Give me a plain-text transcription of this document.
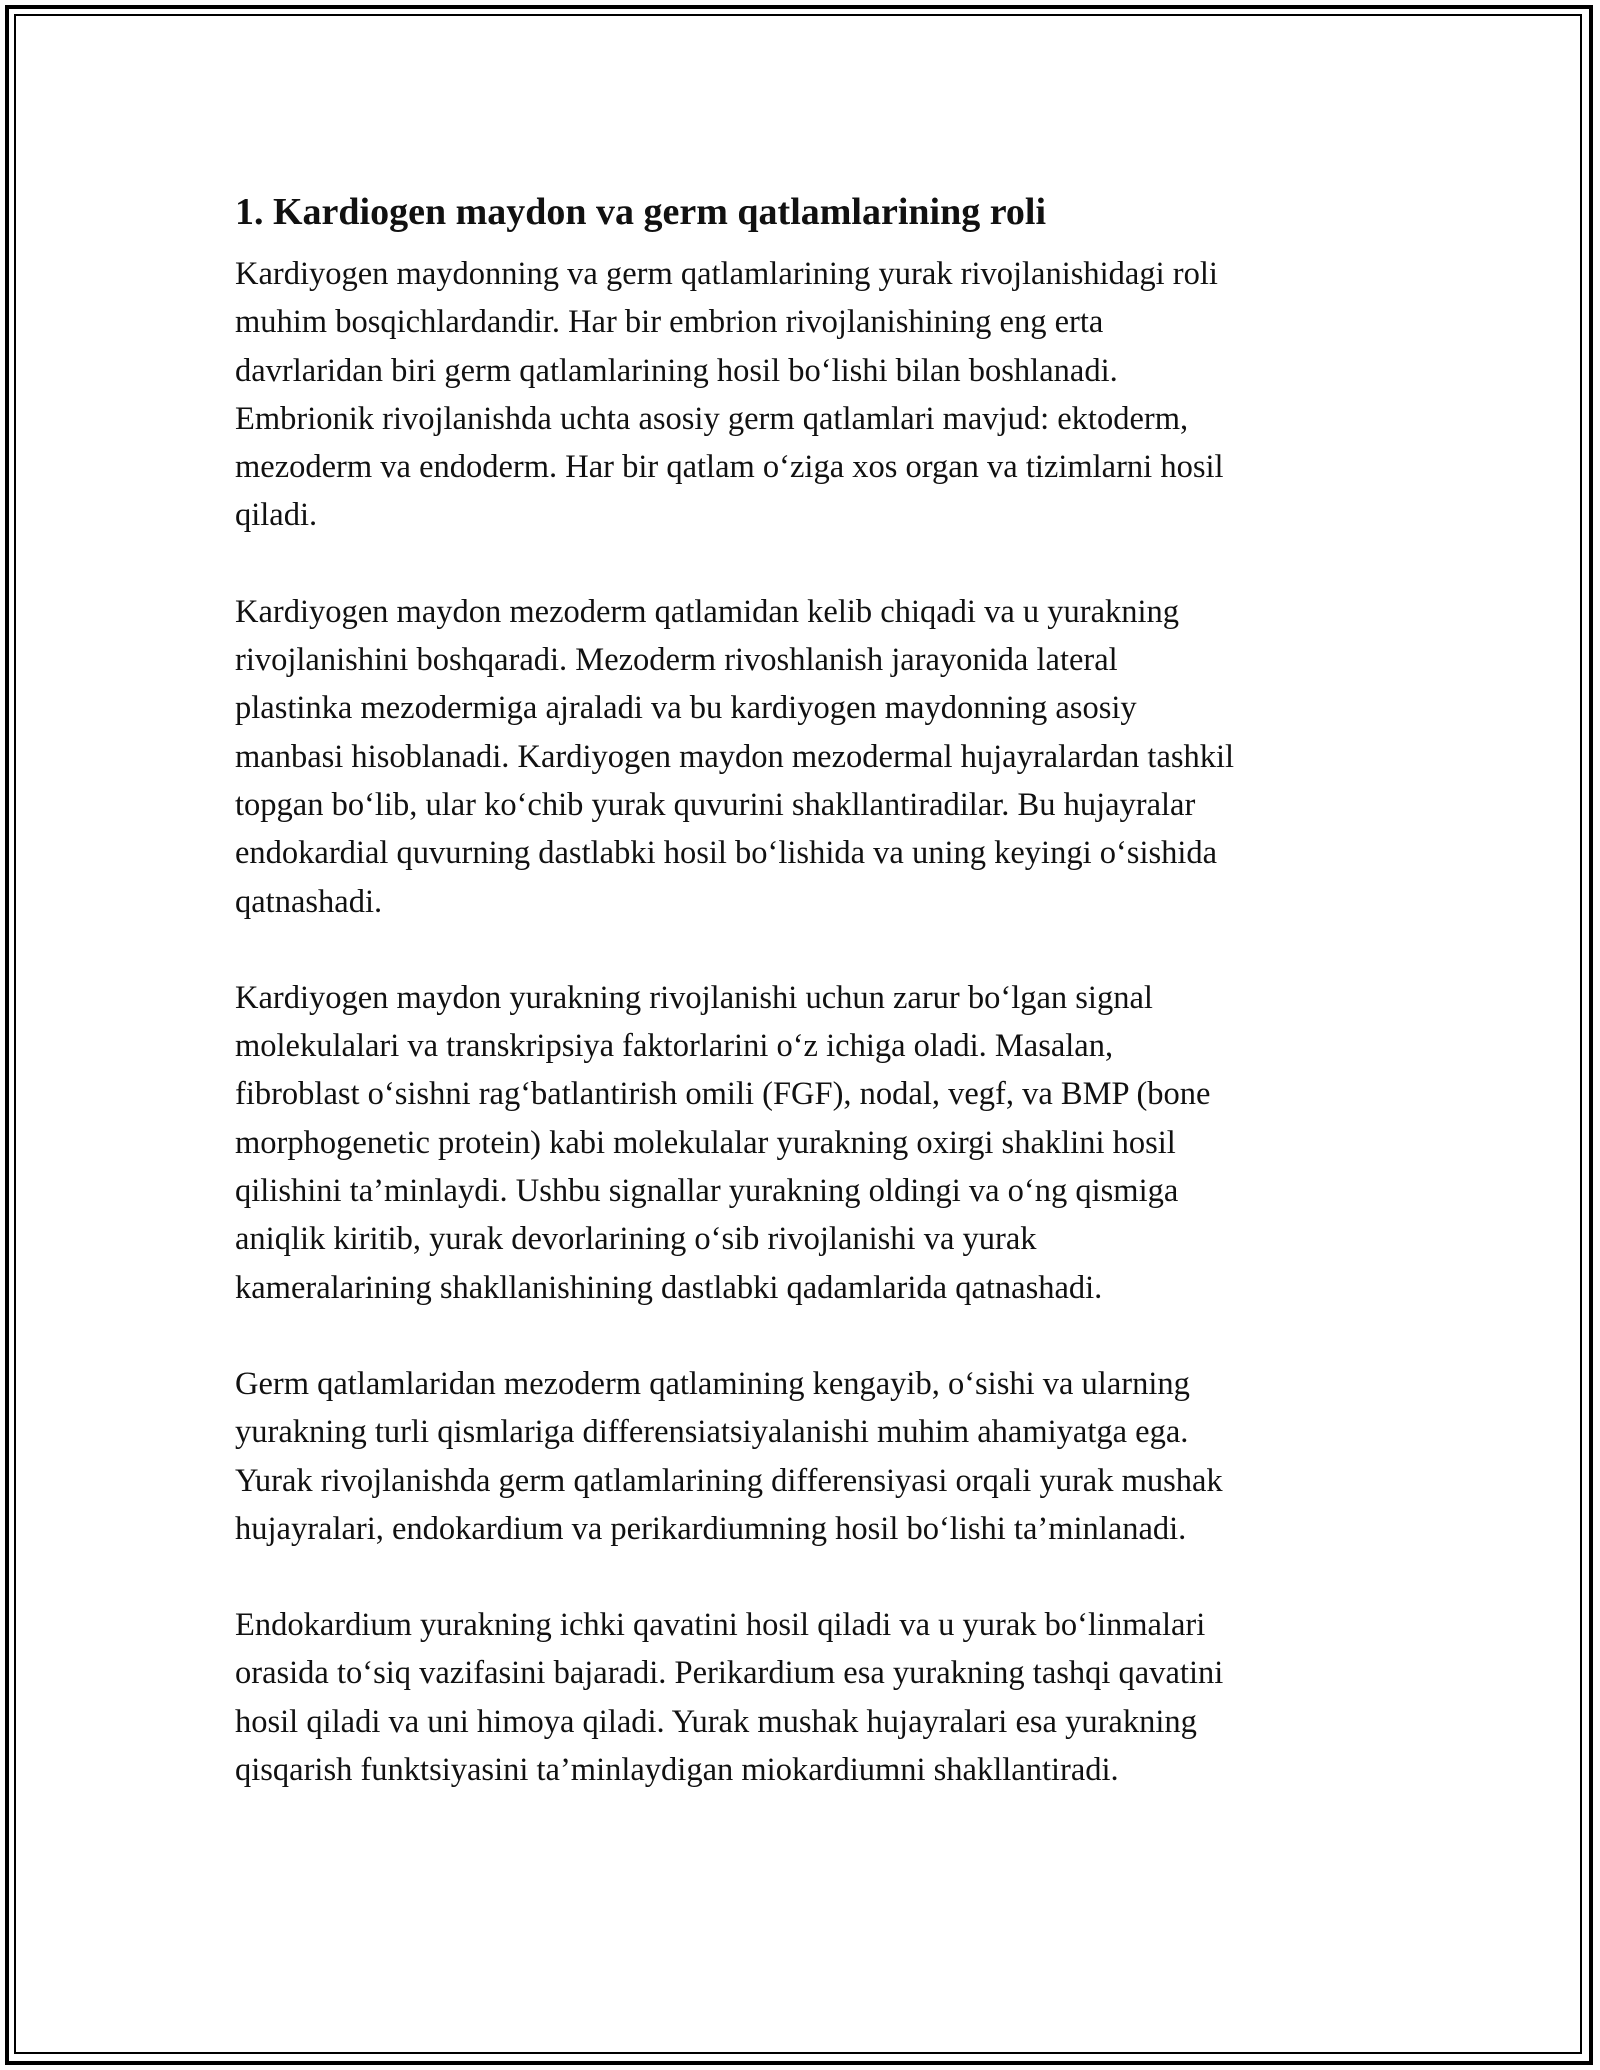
1. Kardiogen maydon va germ qatlamlarining roli
Kardiyogen maydonning va germ qatlamlarining yurak rivojlanishidagi roli
muhim bosqichlardandir. Har bir embrion rivojlanishining eng erta
davrlaridan biri germ qatlamlarining hosil bo‘lishi bilan boshlanadi.
Embrionik rivojlanishda uchta asosiy germ qatlamlari mavjud: ektoderm,
mezoderm va endoderm. Har bir qatlam o‘ziga xos organ va tizimlarni hosil
qiladi.
Kardiyogen maydon mezoderm qatlamidan kelib chiqadi va u yurakning
rivojlanishini boshqaradi. Mezoderm rivoshlanish jarayonida lateral
plastinka mezodermiga ajraladi va bu kardiyogen maydonning asosiy
manbasi hisoblanadi. Kardiyogen maydon mezodermal hujayralardan tashkil
topgan bo‘lib, ular ko‘chib yurak quvurini shakllantiradilar. Bu hujayralar
endokardial quvurning dastlabki hosil bo‘lishida va uning keyingi o‘sishida
qatnashadi.
Kardiyogen maydon yurakning rivojlanishi uchun zarur bo‘lgan signal
molekulalari va transkripsiya faktorlarini o‘z ichiga oladi. Masalan,
fibroblast o‘sishni rag‘batlantirish omili (FGF), nodal, vegf, va BMP (bone
morphogenetic protein) kabi molekulalar yurakning oxirgi shaklini hosil
qilishini ta’minlaydi. Ushbu signallar yurakning oldingi va o‘ng qismiga
aniqlik kiritib, yurak devorlarining o‘sib rivojlanishi va yurak
kameralarining shakllanishining dastlabki qadamlarida qatnashadi.
Germ qatlamlaridan mezoderm qatlamining kengayib, o‘sishi va ularning
yurakning turli qismlariga differensiatsiyalanishi muhim ahamiyatga ega.
Yurak rivojlanishda germ qatlamlarining differensiyasi orqali yurak mushak
hujayralari, endokardium va perikardiumning hosil bo‘lishi ta’minlanadi.
Endokardium yurakning ichki qavatini hosil qiladi va u yurak bo‘linmalari
orasida to‘siq vazifasini bajaradi. Perikardium esa yurakning tashqi qavatini
hosil qiladi va uni himoya qiladi. Yurak mushak hujayralari esa yurakning
qisqarish funktsiyasini ta’minlaydigan miokardiumni shakllantiradi.
